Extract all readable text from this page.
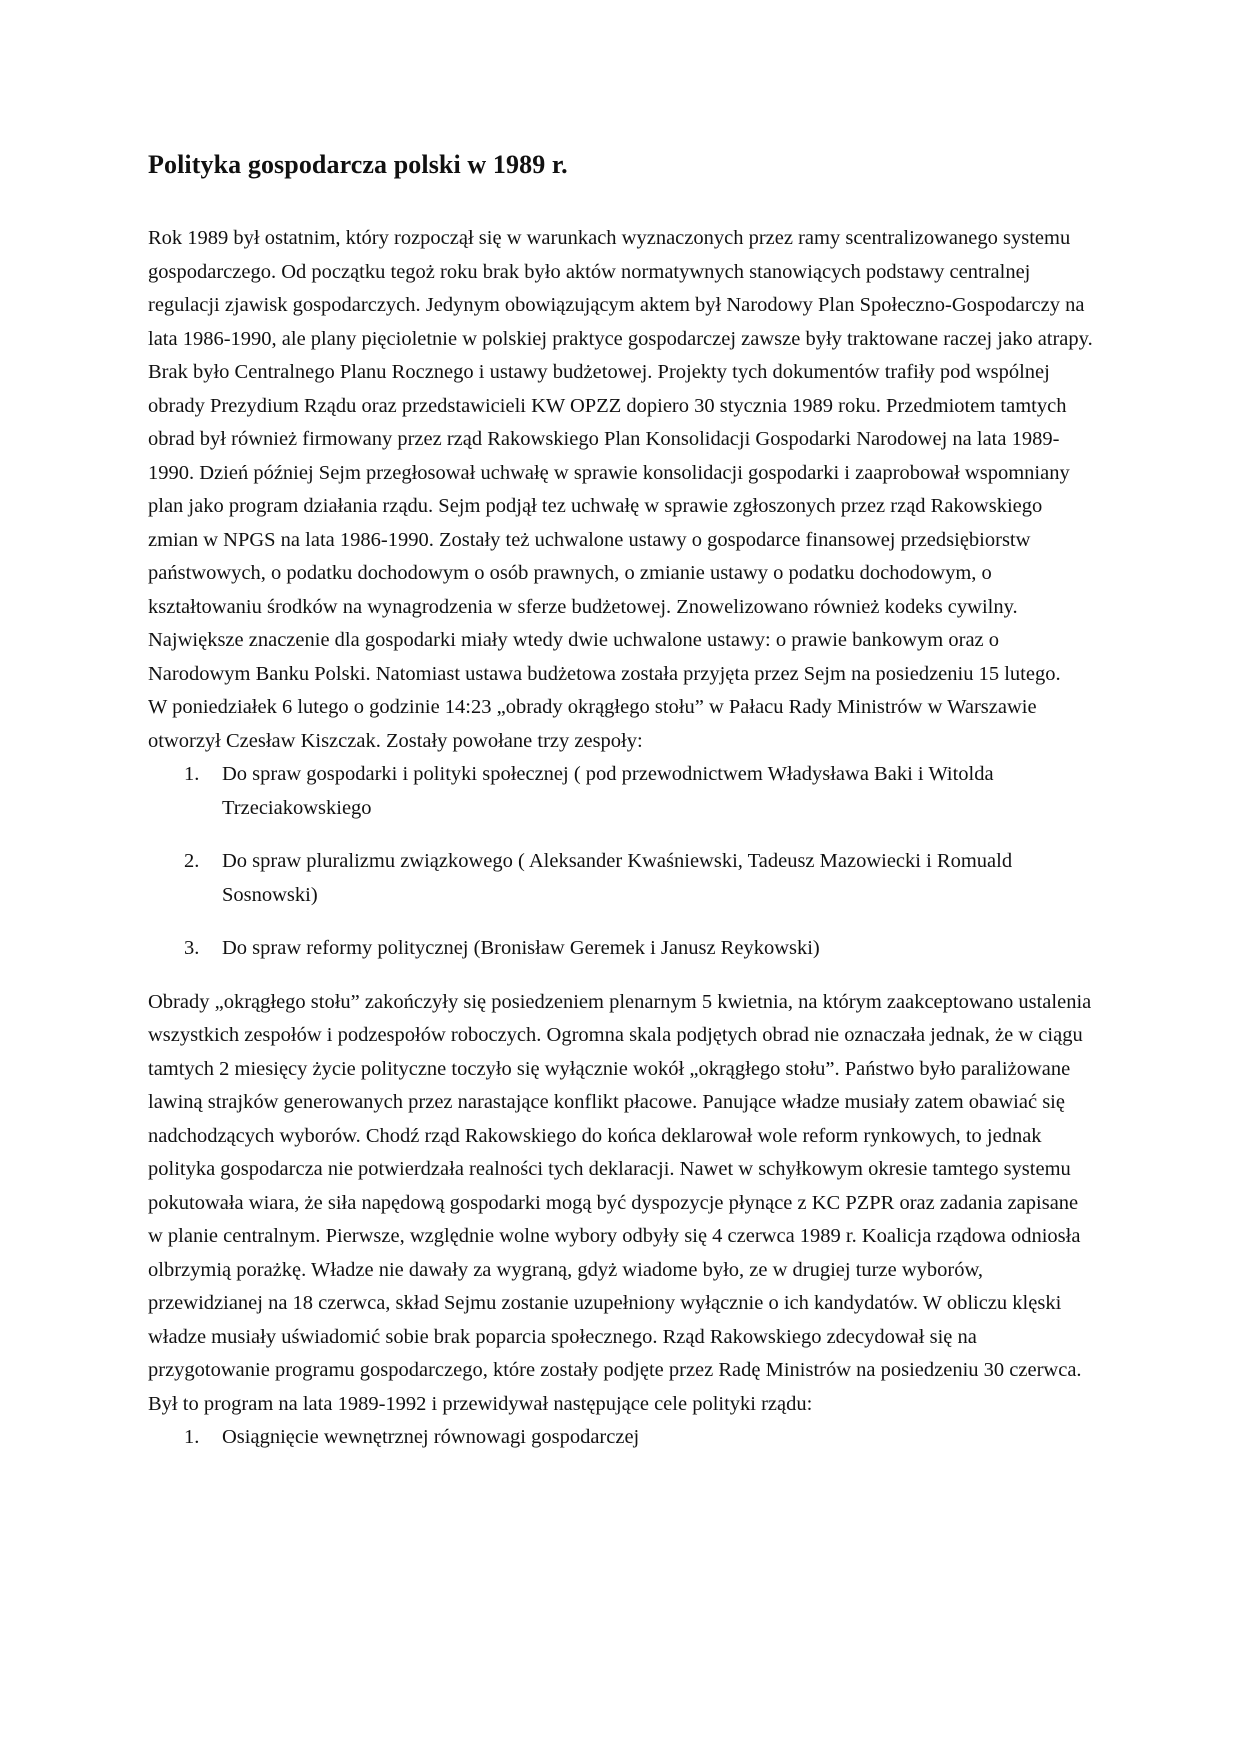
Polityka gospodarcza polski w 1989 r.

Rok 1989 był ostatnim, który rozpoczął się w warunkach wyznaczonych przez ramy scentralizowanego systemu gospodarczego. Od początku tegoż roku brak było aktów normatywnych stanowiących podstawy centralnej regulacji zjawisk gospodarczych. Jedynym obowiązującym aktem był Narodowy Plan Społeczno-Gospodarczy na lata 1986-1990, ale plany pięcioletnie w polskiej praktyce gospodarczej zawsze były traktowane raczej jako atrapy. Brak było Centralnego Planu Rocznego i ustawy budżetowej. Projekty tych dokumentów trafiły pod wspólnej obrady Prezydium Rządu oraz przedstawicieli KW OPZZ dopiero 30 stycznia 1989 roku. Przedmiotem tamtych obrad był również firmowany przez rząd Rakowskiego Plan Konsolidacji Gospodarki Narodowej na lata 1989-1990. Dzień później Sejm przegłosował uchwałę w sprawie konsolidacji gospodarki i zaaprobował wspomniany plan jako program działania rządu. Sejm podjął tez uchwałę w sprawie zgłoszonych przez rząd Rakowskiego zmian w NPGS na lata 1986-1990. Zostały też uchwalone ustawy o gospodarce finansowej przedsiębiorstw państwowych, o podatku dochodowym o osób prawnych, o zmianie ustawy o podatku dochodowym, o kształtowaniu środków na wynagrodzenia w sferze budżetowej. Znowelizowano również kodeks cywilny. Największe znaczenie dla gospodarki miały wtedy dwie uchwalone ustawy: o prawie bankowym oraz o Narodowym Banku Polski. Natomiast ustawa budżetowa została przyjęta przez Sejm na posiedzeniu 15 lutego.

W poniedziałek 6 lutego o godzinie 14:23 „obrady okrągłego stołu” w Pałacu Rady Ministrów w Warszawie otworzył Czesław Kiszczak. Zostały powołane trzy zespoły:

1. Do spraw gospodarki i polityki społecznej ( pod przewodnictwem Władysława Baki i Witolda Trzeciakowskiego
2. Do spraw pluralizmu związkowego ( Aleksander Kwaśniewski, Tadeusz Mazowiecki i Romuald Sosnowski)
3. Do spraw reformy politycznej (Bronisław Geremek i Janusz Reykowski)

Obrady „okrągłego stołu” zakończyły się posiedzeniem plenarnym 5 kwietnia, na którym zaakceptowano ustalenia wszystkich zespołów i podzespołów roboczych. Ogromna skala podjętych obrad nie oznaczała jednak, że w ciągu tamtych 2 miesięcy życie polityczne toczyło się wyłącznie wokół „okrągłego stołu”. Państwo było paraliżowane lawiną strajków generowanych przez narastające konflikt płacowe. Panujące władze musiały zatem obawiać się nadchodzących wyborów. Chodź rząd Rakowskiego do końca deklarował wole reform rynkowych, to jednak polityka gospodarcza nie potwierdzała realności tych deklaracji. Nawet w schyłkowym okresie tamtego systemu pokutowała wiara, że siła napędową gospodarki mogą być dyspozycje płynące z KC PZPR oraz zadania zapisane w planie centralnym. Pierwsze, względnie wolne wybory odbyły się 4 czerwca 1989 r. Koalicja rządowa odniosła olbrzymią porażkę. Władze nie dawały za wygraną, gdyż wiadome było, ze w drugiej turze wyborów, przewidzianej na 18 czerwca, skład Sejmu zostanie uzupełniony wyłącznie o ich kandydatów. W obliczu klęski władze musiały uświadomić sobie brak poparcia społecznego. Rząd Rakowskiego zdecydował się na przygotowanie programu gospodarczego, które zostały podjęte przez Radę Ministrów na posiedzeniu 30 czerwca. Był to program na lata 1989-1992 i przewidywał następujące cele polityki rządu:

1. Osiągnięcie wewnętrznej równowagi gospodarczej
